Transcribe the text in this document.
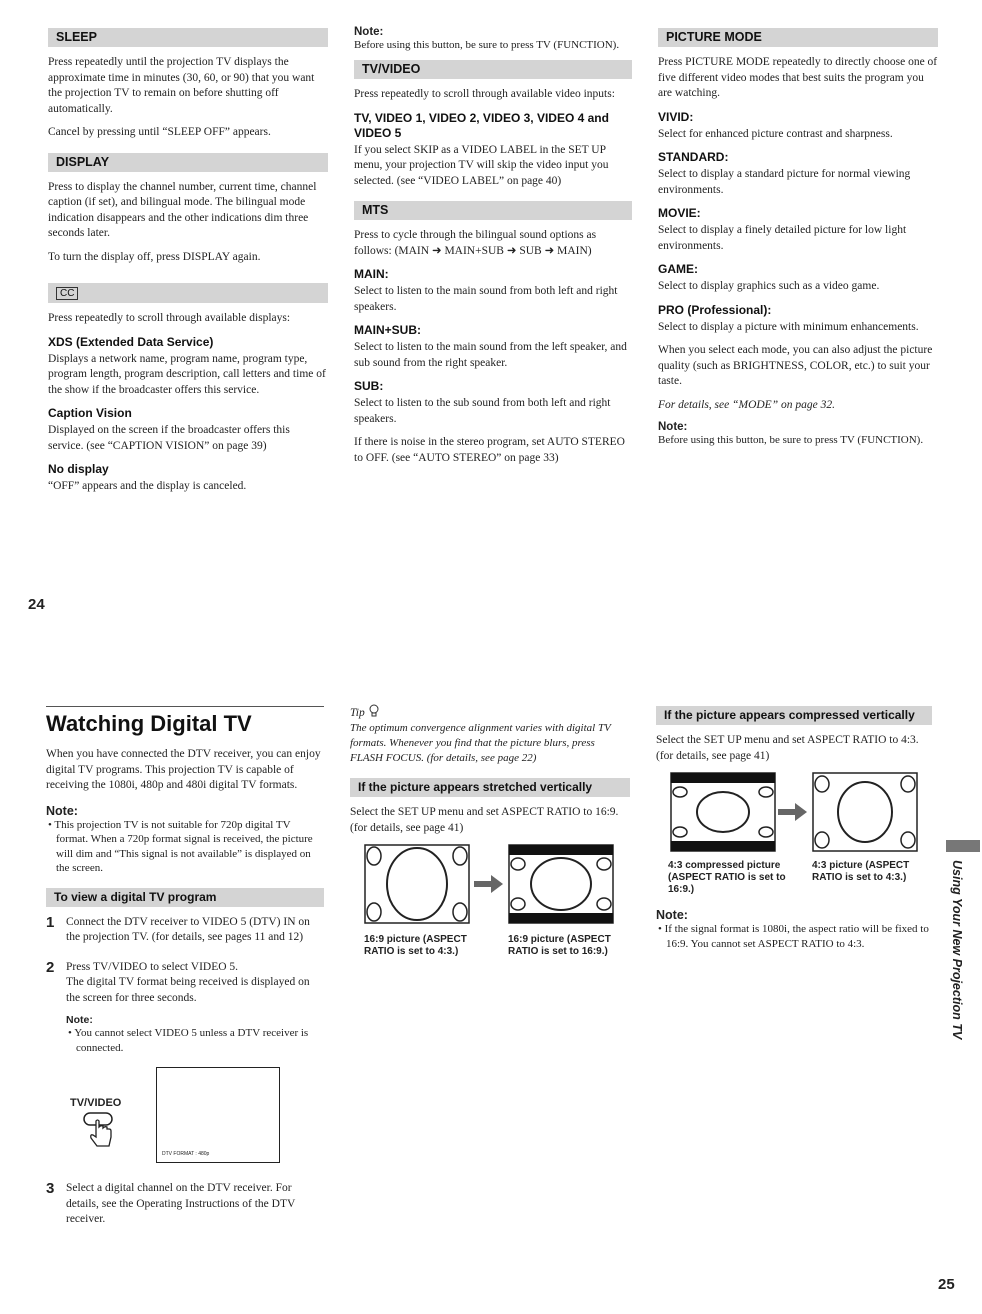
SLEEP

Press repeatedly until the projection TV displays the approximate time in minutes (30, 60, or 90) that you want the projection TV to remain on before shutting off automatically.

Cancel by pressing until “SLEEP OFF” appears.

DISPLAY

Press to display the channel number, current time, channel caption (if set), and bilingual mode. The bilingual mode indication disappears and the other indications dim three seconds later.

To turn the display off, press DISPLAY again.

CC

Press repeatedly to scroll through available displays:

XDS (Extended Data Service)

Displays a network name, program name, program type, program length, program description, call letters and time of the show if the broadcaster offers this service.

Caption Vision

Displayed on the screen if the broadcaster offers this service. (see “CAPTION VISION” on page 39)

No display

“OFF” appears and the display is canceled.

Note:

Before using this button, be sure to press TV (FUNCTION).

TV/VIDEO

Press repeatedly to scroll through available video inputs:

TV, VIDEO 1, VIDEO 2, VIDEO 3, VIDEO 4 and VIDEO 5

If you select SKIP as a VIDEO LABEL in the SET UP menu, your projection TV will skip the video input you selected. (see “VIDEO LABEL” on page 40)

MTS

Press to cycle through the bilingual sound options as follows: (MAIN ➜ MAIN+SUB ➜ SUB ➜ MAIN)

MAIN:

Select to listen to the main sound from both left and right speakers.

MAIN+SUB:

Select to listen to the main sound from the left speaker, and sub sound from the right speaker.

SUB:

Select to listen to the sub sound from both left and right speakers.

If there is noise in the stereo program, set AUTO STEREO to OFF. (see “AUTO STEREO” on page 33)

PICTURE MODE

Press PICTURE MODE repeatedly to directly choose one of five different video modes that best suits the program you are watching.

VIVID:

Select for enhanced picture contrast and sharpness.

STANDARD:

Select to display a standard picture for normal viewing environments.

MOVIE:

Select to display a finely detailed picture for low light environments.

GAME:

Select to display graphics such as a video game.

PRO (Professional):

Select to display a picture with minimum enhancements.

When you select each mode, you can also adjust the picture quality (such as BRIGHTNESS, COLOR, etc.) to suit your taste.

For details, see “MODE” on page 32.

Note:

Before using this button, be sure to press TV (FUNCTION).

24
Watching Digital TV

When you have connected the DTV receiver, you can enjoy digital TV programs. This projection TV is capable of receiving the 1080i, 480p and 480i digital TV formats.

Note:

• This projection TV is not suitable for 720p digital TV format. When a 720p format signal is received, the picture will dim and “This signal is not available” is displayed on the screen.

To view a digital TV program
1	Connect the DTV receiver to VIDEO 5 (DTV) IN on the projection TV. (for details, see pages 11 and 12)

2	Press TV/VIDEO to select VIDEO 5.

The digital TV format being received is displayed on the screen for three seconds.

Note:

• You cannot select VIDEO 5 unless a DTV receiver is connected.

TV/VIDEO
DTV FORMAT : 480p
3	Select a digital channel on the DTV receiver. For details, see the Operating Instructions of the DTV receiver.

Tip

The optimum convergence alignment varies with digital TV formats. Whenever you find that the picture blurs, press FLASH FOCUS. (for details, see page 22)

If the picture appears stretched vertically

Select the SET UP menu and set ASPECT RATIO to 16:9. (for details, see page 41)

16:9 picture (ASPECT RATIO is set to 4:3.)
16:9 picture (ASPECT RATIO is set to 16:9.)
If the picture appears compressed vertically

Select the SET UP menu and set ASPECT RATIO to 4:3. (for details, see page 41)

4:3 compressed picture (ASPECT RATIO is set to 16:9.)
4:3 picture (ASPECT RATIO is set to 4:3.)
Note:

• If the signal format is 1080i, the aspect ratio will be fixed to 16:9. You cannot set ASPECT RATIO to 4:3.	Using Your New Projection TV
25
